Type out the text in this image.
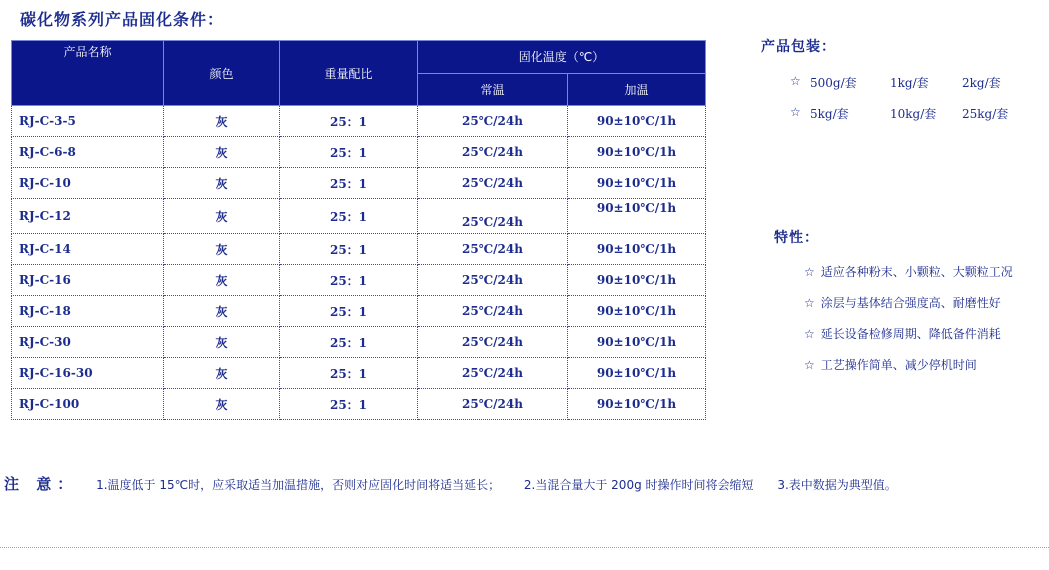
碳化物系列产品固化条件：
产品名称	颜色	重量配比	固化温度（℃）	
			常温	加温
RJ-C-3-5	灰	25：1	25℃/24h	90±10℃/1h
RJ-C-6-8	灰	25：1	25℃/24h	90±10℃/1h
RJ-C-10	灰	25：1	25℃/24h	90±10℃/1h
RJ-C-12	灰	25：1	25℃/24h	90±10℃/1h
RJ-C-14	灰	25：1	25℃/24h	90±10℃/1h
RJ-C-16	灰	25：1	25℃/24h	90±10℃/1h
RJ-C-18	灰	25：1	25℃/24h	90±10℃/1h
RJ-C-30	灰	25：1	25℃/24h	90±10℃/1h
RJ-C-16-30	灰	25：1	25℃/24h	90±10℃/1h
RJ-C-100	灰	25：1	25℃/24h	90±10℃/1h
产品包装：
☆ 500g/套	1kg/套	2kg/套
☆ 5kg/套	10kg/套 25kg/套
特性：
☆ 适应各种粉末、小颗粒、大颗粒工况
☆ 涂层与基体结合强度高、耐磨性好
☆ 延长设备检修周期、降低备件消耗
☆ 工艺操作简单、减少停机时间
注 意： 1.温度低于 15℃时，应采取适当加温措施，否则对应固化时间将适当延长； 2.当混合量大于 200g 时操作时间将会缩短 3.表中数据为典型值。
